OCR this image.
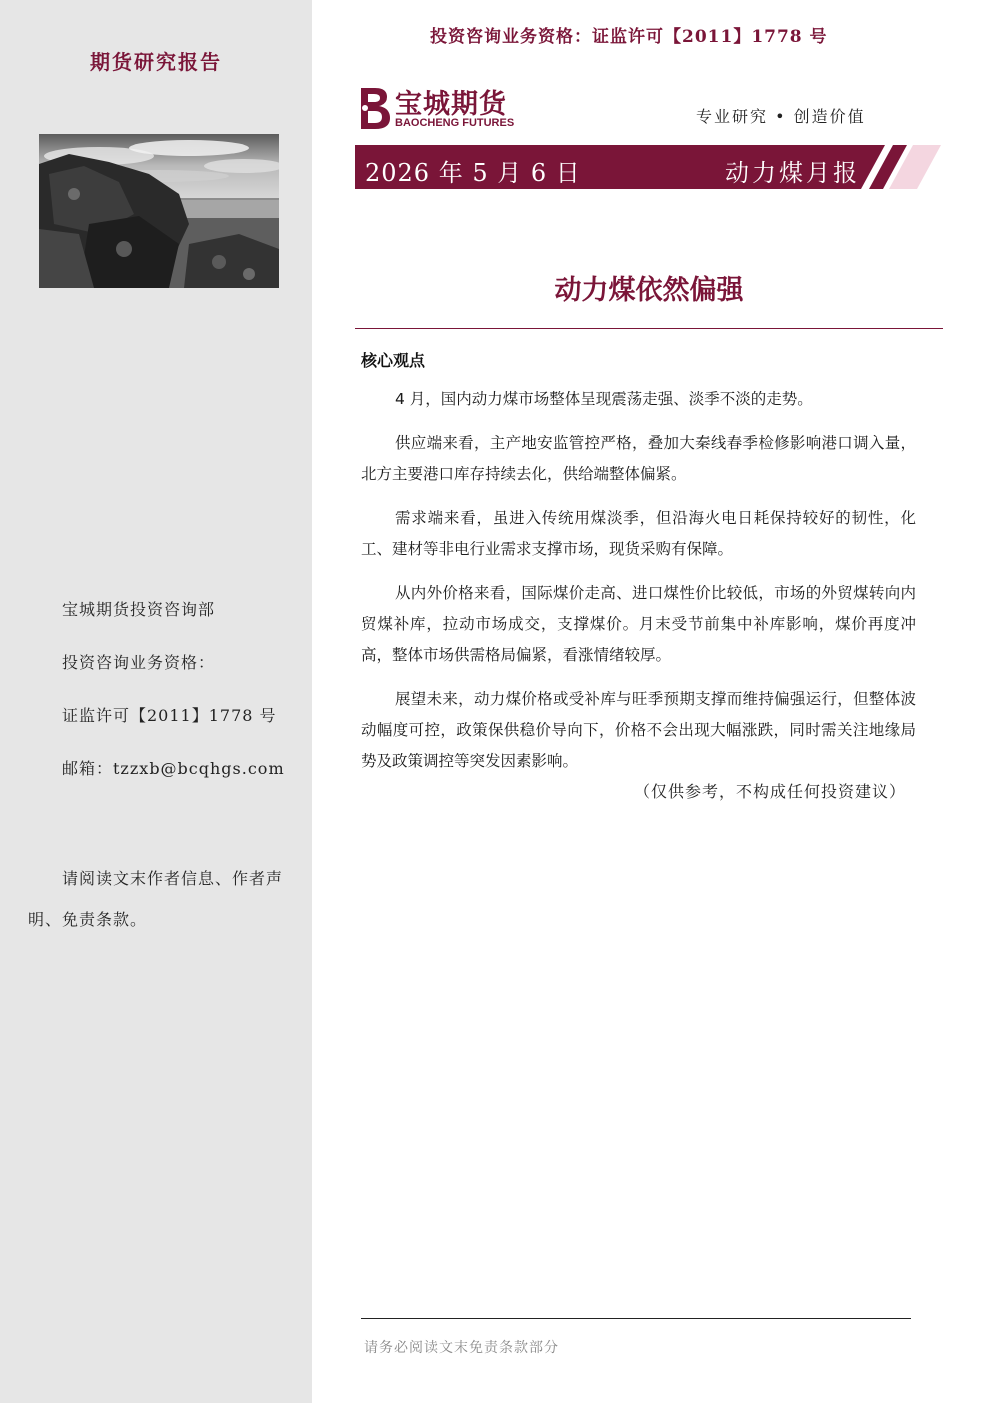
期货研究报告
宝城期货投资咨询部
投资咨询业务资格：
证监许可【2011】1778 号
邮箱：tzzxb@bcqhgs.com
请阅读文末作者信息、作者声明、免责条款。
投资咨询业务资格：证监许可【2011】1778 号
宝城期货
BAOCHENG FUTURES	专业研究 • 创造价值
2026 年 5 月 6 日	动力煤月报
动力煤依然偏强
核心观点

4 月，国内动力煤市场整体呈现震荡走强、淡季不淡的走势。

供应端来看，主产地安监管控严格，叠加大秦线春季检修影响港口调入量，北方主要港口库存持续去化，供给端整体偏紧。

需求端来看，虽进入传统用煤淡季，但沿海火电日耗保持较好的韧性，化工、建材等非电行业需求支撑市场，现货采购有保障。

从内外价格来看，国际煤价走高、进口煤性价比较低，市场的外贸煤转向内贸煤补库，拉动市场成交，支撑煤价。月末受节前集中补库影响，煤价再度冲高，整体市场供需格局偏紧，看涨情绪较厚。

展望未来，动力煤价格或受补库与旺季预期支撑而维持偏强运行，但整体波动幅度可控，政策保供稳价导向下，价格不会出现大幅涨跌，同时需关注地缘局势及政策调控等突发因素影响。

（仅供参考，不构成任何投资建议）
请务必阅读文末免责条款部分
